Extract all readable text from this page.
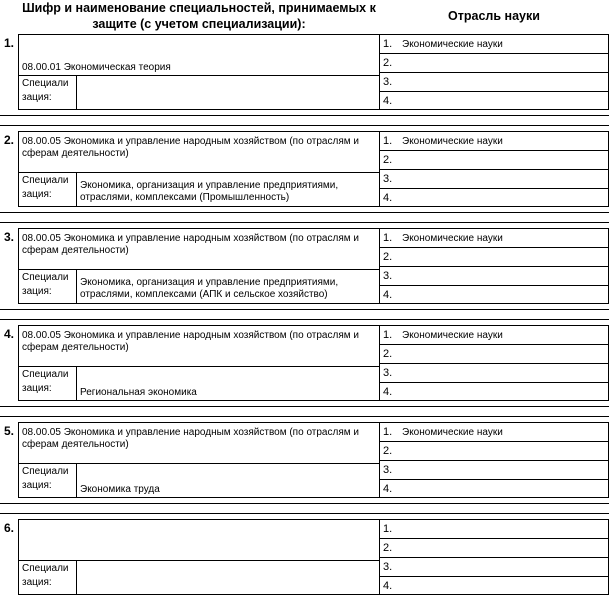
Шифр и наименование специальностей, принимаемых к защите (с учетом специализации):
Отрасль науки
1.
08.00.01 Экономическая теория
Специали зация:
1. Экономические науки
2.
3.
4.
2. 08.00.05 Экономика и управление народным хозяйством (по отраслям и сферам деятельности)
Специали зация:
Экономика, организация и управление предприятиями, отраслями, комплексами (Промышленность)
1. Экономические науки
2.
3.
4.
3. 08.00.05 Экономика и управление народным хозяйством (по отраслям и сферам деятельности)
Специали зация:
Экономика, организация и управление предприятиями, отраслями, комплексами (АПК и сельское хозяйство)
1. Экономические науки
2.
3.
4.
4. 08.00.05 Экономика и управление народным хозяйством (по отраслям и сферам деятельности)
Специали зация:	Региональная экономика
1. Экономические науки
2.
3.
4.
5. 08.00.05 Экономика и управление народным хозяйством (по отраслям и сферам деятельности)
Специали зация:	Экономика труда
1. Экономические науки
2.
3.
4.
6.
Специали зация:
1.
2.
3.
4.
